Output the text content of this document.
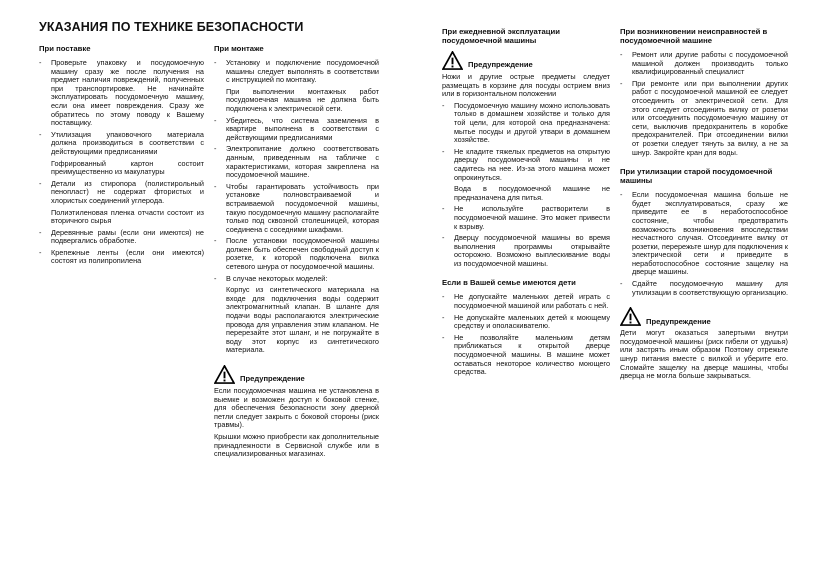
УКАЗАНИЯ ПО ТЕХНИКЕ БЕЗОПАСНОСТИ
При поставке
- Проверьте упаковку и посудомоечную машину сразу же после получения на предмет наличия повреждений, полученных при транспортировке. Не начинайте эксплуатировать посудомоечную машину, если она имеет повреждения. Сразу же обратитесь по этому поводу к Вашему поставщику.
- Утилизация упаковочного материала должна производиться в соответствии с действующими предписаниями
Гофрированный картон состоит преимущественно из макулатуры
- Детали из стиропора (полистирольный пенопласт) не содержат фтористых и хлористых соединений углерода.
Полиэтиленовая пленка отчасти состоит из вторичного сырья
- Деревянные рамы (если они имеются) не подвергались обработке.
- Крепежные ленты (если они имеются) состоят из полипропилена
При монтаже
- Установку и подключение посудомоечной машины следует выполнять в соответствии с инструкцией по монтажу.
При выполнении монтажных работ посудомоечная машина не должна быть подключена к электрической сети.
- Убедитесь, что система заземления в квартире выполнена в соответствии с действующими предписаниями
- Электропитание должно соответствовать данным, приведенным на табличке с характеристиками, которая закреплена на посудомоечной машине.
- Чтобы гарантировать устойчивость при установке полновстраиваемой и встраиваемой посудомоечной машины, такую посудомоечную машину располагайте только под сквозной столешницей, которая соединена с соседними шкафами.
- После установки посудомоечной машины должен быть обеспечен свободный доступ к розетке, к которой подключена вилка сетевого шнура от посудомоечной машины.
- В случае некоторых моделей:
Корпус из синтетического материала на входе для подключения воды содержит электромагнитный клапан. В шланге для подачи воды располагаются электрические провода для управления этим клапаном. Не перерезайте этот шланг, и не погружайте в воду этот корпус из синтетического материала.
Предупреждение

Если посудомоечная машина не установлена в выемке и возможен доступ к боковой стенке, для обеспечения безопасности зону дверной петли следует закрыть с боковой стороны (риск травмы).

Крышки можно приобрести как дополнительные принадлежности в Сервисной службе или в специализированных магазинах.

При ежедневной эксплуатации посудомоечной машины
Предупреждение

Ножи и другие острые предметы следует размещать в корзине для посуды острием вниз или в горизонтальном положении

- Посудомоечную машину можно использовать только в домашнем хозяйстве и только для той цели, для которой она предназначена: мытье посуды и другой утвари в домашнем хозяйстве.
- Не кладите тяжелых предметов на открытую дверцу посудомоечной машины и не садитесь на нее. Из-за этого машина может опрокинуться.
Вода в посудомоечной машине не предназначена для питья.
- Не используйте растворители в посудомоечной машине. Это может привести к взрыву.
- Дверцу посудомоечной машины во время выполнения программы открывайте осторожно. Возможно выплескивание воды из посудомоечной машины.
Если в Вашей семье имеются дети
- Не допускайте маленьких детей играть с посудомоечной машиной или работать с ней.
- Не допускайте маленьких детей к моющему средству и ополаскивателю.
- Не позволяйте маленьким детям приближаться к открытой дверце посудомоечной машины. В машине может оставаться некоторое количество моющего средства.
При возникновении неисправностей в посудомоечной машине
- Ремонт или другие работы с посудомоечной машиной должен производить только квалифицированный специалист
- При ремонте или при выполнении других работ с посудомоечной машиной ее следует отсоединить от электрической сети. Для этого следует отсоединить вилку от розетки или отсоединить посудомоечную машину от сети, выключив предохранитель в коробке предохранителей. При отсоединении вилки от розетки следует тянуть за вилку, а не за шнур. Закройте кран для воды.
При утилизации старой посудомоечной машины
- Если посудомоечная машина больше не будет эксплуатироваться, сразу же приведите ее в неработоспособное состояние, чтобы предотвратить возможность возникновения впоследствии несчастного случая. Отсоедините вилку от розетки, перережьте шнур для подключения к электрической сети и приведите в неработоспособное состояние защелку на дверце машины.
- Сдайте посудомоечную машину для утилизации в соответствующую организацию.
Предупреждение

Дети могут оказаться запертыми внутри посудомоечной машины (риск гибели от удушья) или застрять иным образом Поэтому отрежьте шнур питания вместе с вилкой и уберите его. Сломайте защелку на дверце машины, чтобы дверца не могла больше закрываться.
